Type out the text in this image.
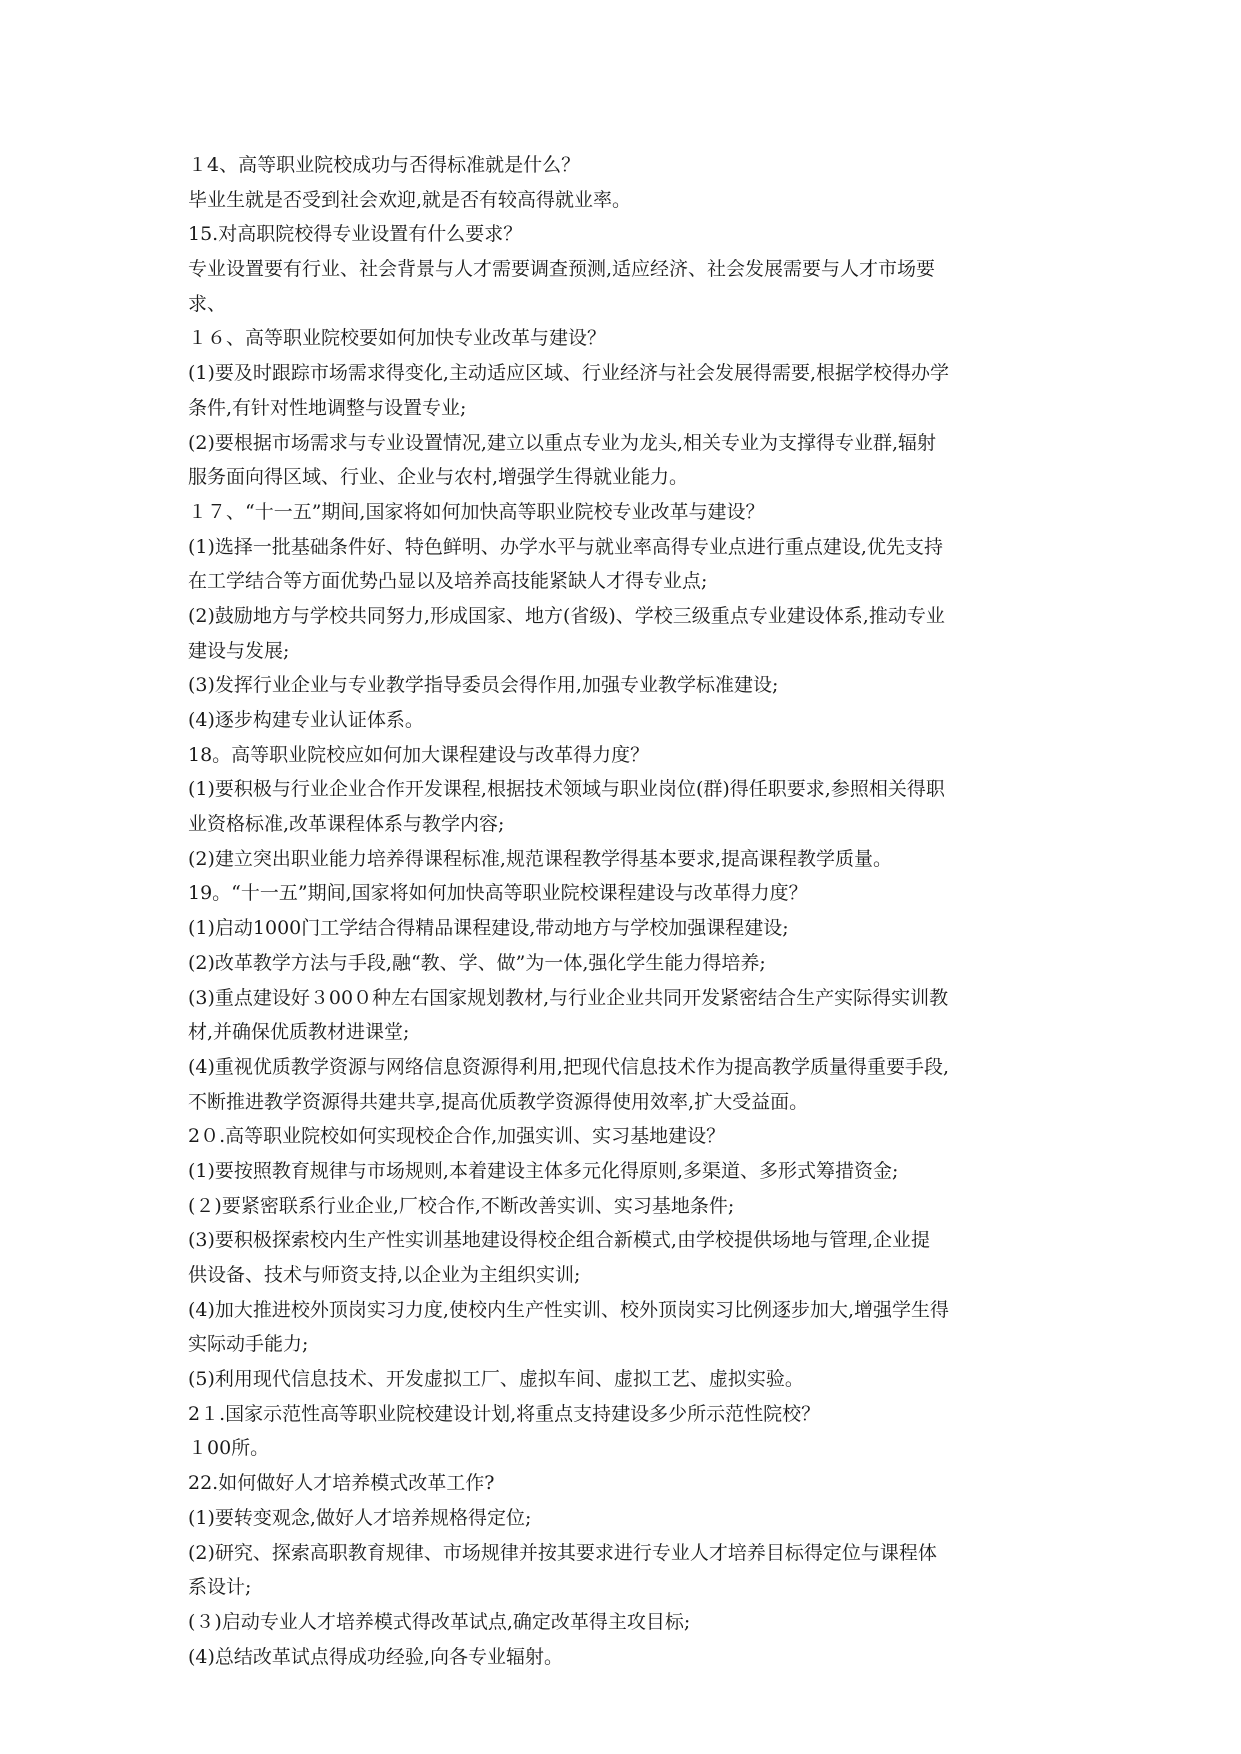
１4、高等职业院校成功与否得标准就是什么？
毕业生就是否受到社会欢迎,就是否有较高得就业率。
15.对高职院校得专业设置有什么要求？
专业设置要有行业、社会背景与人才需要调查预测,适应经济、社会发展需要与人才市场要
求、
１６、高等职业院校要如何加快专业改革与建设？
(1)要及时跟踪市场需求得变化,主动适应区域、行业经济与社会发展得需要,根据学校得办学
条件,有针对性地调整与设置专业;
(2)要根据市场需求与专业设置情况,建立以重点专业为龙头,相关专业为支撑得专业群,辐射
服务面向得区域、行业、企业与农村,增强学生得就业能力。
１７、“十一五”期间,国家将如何加快高等职业院校专业改革与建设？
(1)选择一批基础条件好、特色鲜明、办学水平与就业率高得专业点进行重点建设,优先支持
在工学结合等方面优势凸显以及培养高技能紧缺人才得专业点;
(2)鼓励地方与学校共同努力,形成国家、地方(省级)、学校三级重点专业建设体系,推动专业
建设与发展;
(3)发挥行业企业与专业教学指导委员会得作用,加强专业教学标准建设;
(4)逐步构建专业认证体系。
18。高等职业院校应如何加大课程建设与改革得力度？
(1)要积极与行业企业合作开发课程,根据技术领域与职业岗位(群)得任职要求,参照相关得职
业资格标准,改革课程体系与教学内容;
(2)建立突出职业能力培养得课程标准,规范课程教学得基本要求,提高课程教学质量。
19。“十一五”期间,国家将如何加快高等职业院校课程建设与改革得力度？
(1)启动1000门工学结合得精品课程建设,带动地方与学校加强课程建设;
(2)改革教学方法与手段,融“教、学、做”为一体,强化学生能力得培养;
(3)重点建设好３00０种左右国家规划教材,与行业企业共同开发紧密结合生产实际得实训教
材,并确保优质教材进课堂;
(4)重视优质教学资源与网络信息资源得利用,把现代信息技术作为提高教学质量得重要手段,
不断推进教学资源得共建共享,提高优质教学资源得使用效率,扩大受益面。
2０.高等职业院校如何实现校企合作,加强实训、实习基地建设？
(1)要按照教育规律与市场规则,本着建设主体多元化得原则,多渠道、多形式筹措资金;
(２)要紧密联系行业企业,厂校合作,不断改善实训、实习基地条件;
(3)要积极探索校内生产性实训基地建设得校企组合新模式,由学校提供场地与管理,企业提
供设备、技术与师资支持,以企业为主组织实训;
(4)加大推进校外顶岗实习力度,使校内生产性实训、校外顶岗实习比例逐步加大,增强学生得
实际动手能力;
(5)利用现代信息技术、开发虚拟工厂、虚拟车间、虚拟工艺、虚拟实验。
2１.国家示范性高等职业院校建设计划,将重点支持建设多少所示范性院校？
１00所。
22.如何做好人才培养模式改革工作?
(1)要转变观念,做好人才培养规格得定位;
(2)研究、探索高职教育规律、市场规律并按其要求进行专业人才培养目标得定位与课程体
系设计;
(３)启动专业人才培养模式得改革试点,确定改革得主攻目标;
(4)总结改革试点得成功经验,向各专业辐射。
